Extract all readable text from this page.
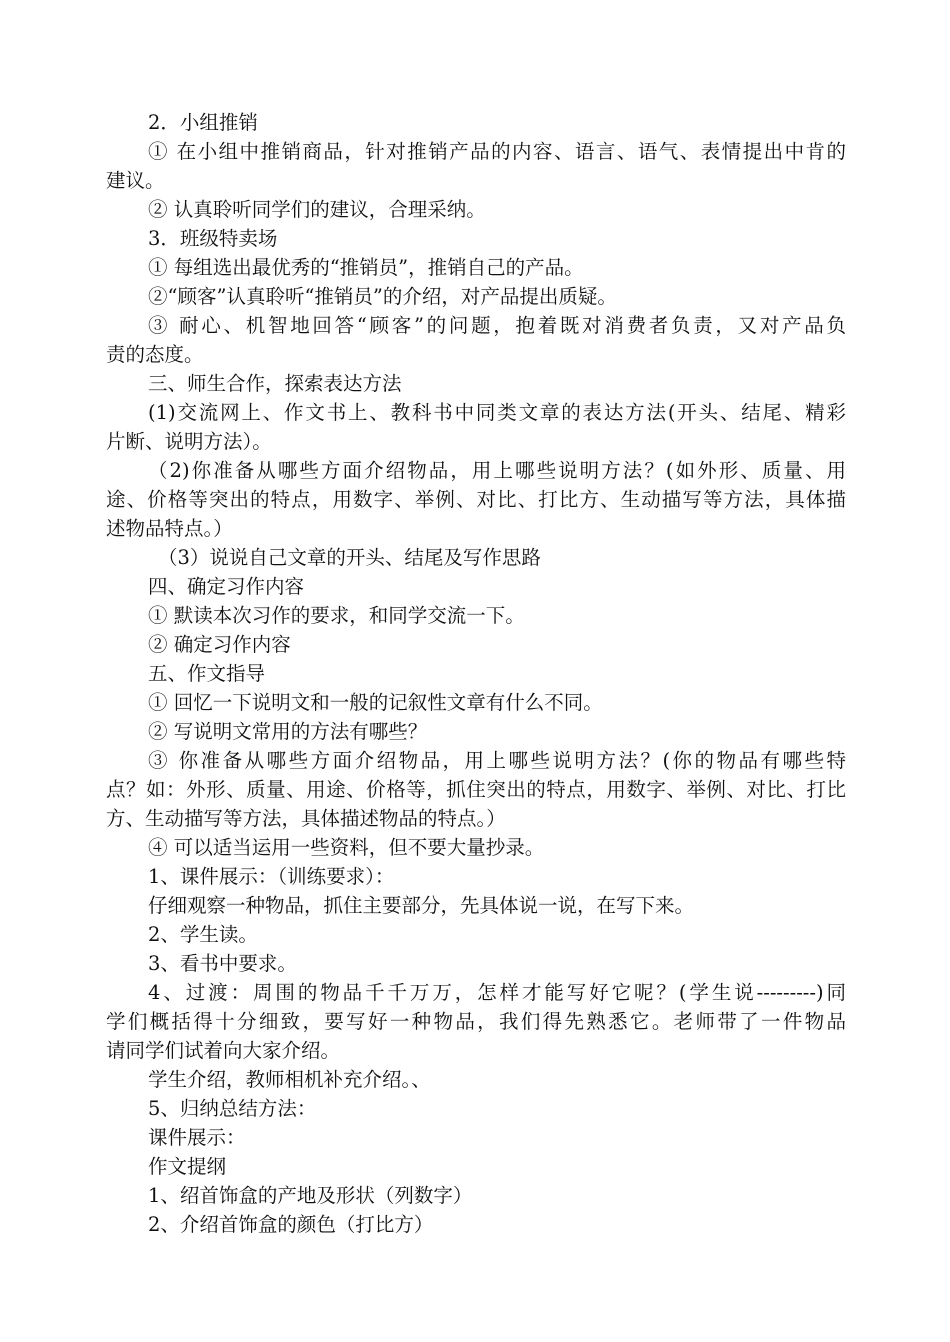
2．小组推销
① 在小组中推销商品，针对推销产品的内容、语言、语气、表情提出中肯的
建议。
② 认真聆听同学们的建议，合理采纳。
3．班级特卖场
① 每组选出最优秀的“推销员”，推销自己的产品。
②“顾客”认真聆听“推销员”的介绍，对产品提出质疑。
③ 耐心、机智地回答“顾客”的问题，抱着既对消费者负责，又对产品负
责的态度。
三、师生合作，探索表达方法
(1)交流网上、作文书上、教科书中同类文章的表达方法(开头、结尾、精彩
片断、说明方法）。
（2)你准备从哪些方面介绍物品，用上哪些说明方法？(如外形、质量、用
途、价格等突出的特点，用数字、举例、对比、打比方、生动描写等方法，具体描
述物品特点。）
（3）说说自己文章的开头、结尾及写作思路
四、确定习作内容
① 默读本次习作的要求，和同学交流一下。
② 确定习作内容
五、作文指导
① 回忆一下说明文和一般的记叙性文章有什么不同。
② 写说明文常用的方法有哪些？
③ 你准备从哪些方面介绍物品，用上哪些说明方法？(你的物品有哪些特
点？如：外形、质量、用途、价格等，抓住突出的特点，用数字、举例、对比、打比
方、生动描写等方法，具体描述物品的特点。）
④ 可以适当运用一些资料，但不要大量抄录。
1、课件展示：（训练要求）：
仔细观察一种物品，抓住主要部分，先具体说一说，在写下来。
2、学生读。
3、看书中要求。
4、过渡：周围的物品千千万万，怎样才能写好它呢？(学生说---------)同
学们概括得十分细致，要写好一种物品，我们得先熟悉它。老师带了一件物品
请同学们试着向大家介绍。
学生介绍，教师相机补充介绍。、
5、归纳总结方法：
课件展示：
作文提纲
1、绍首饰盒的产地及形状（列数字）
2、介绍首饰盒的颜色（打比方）
